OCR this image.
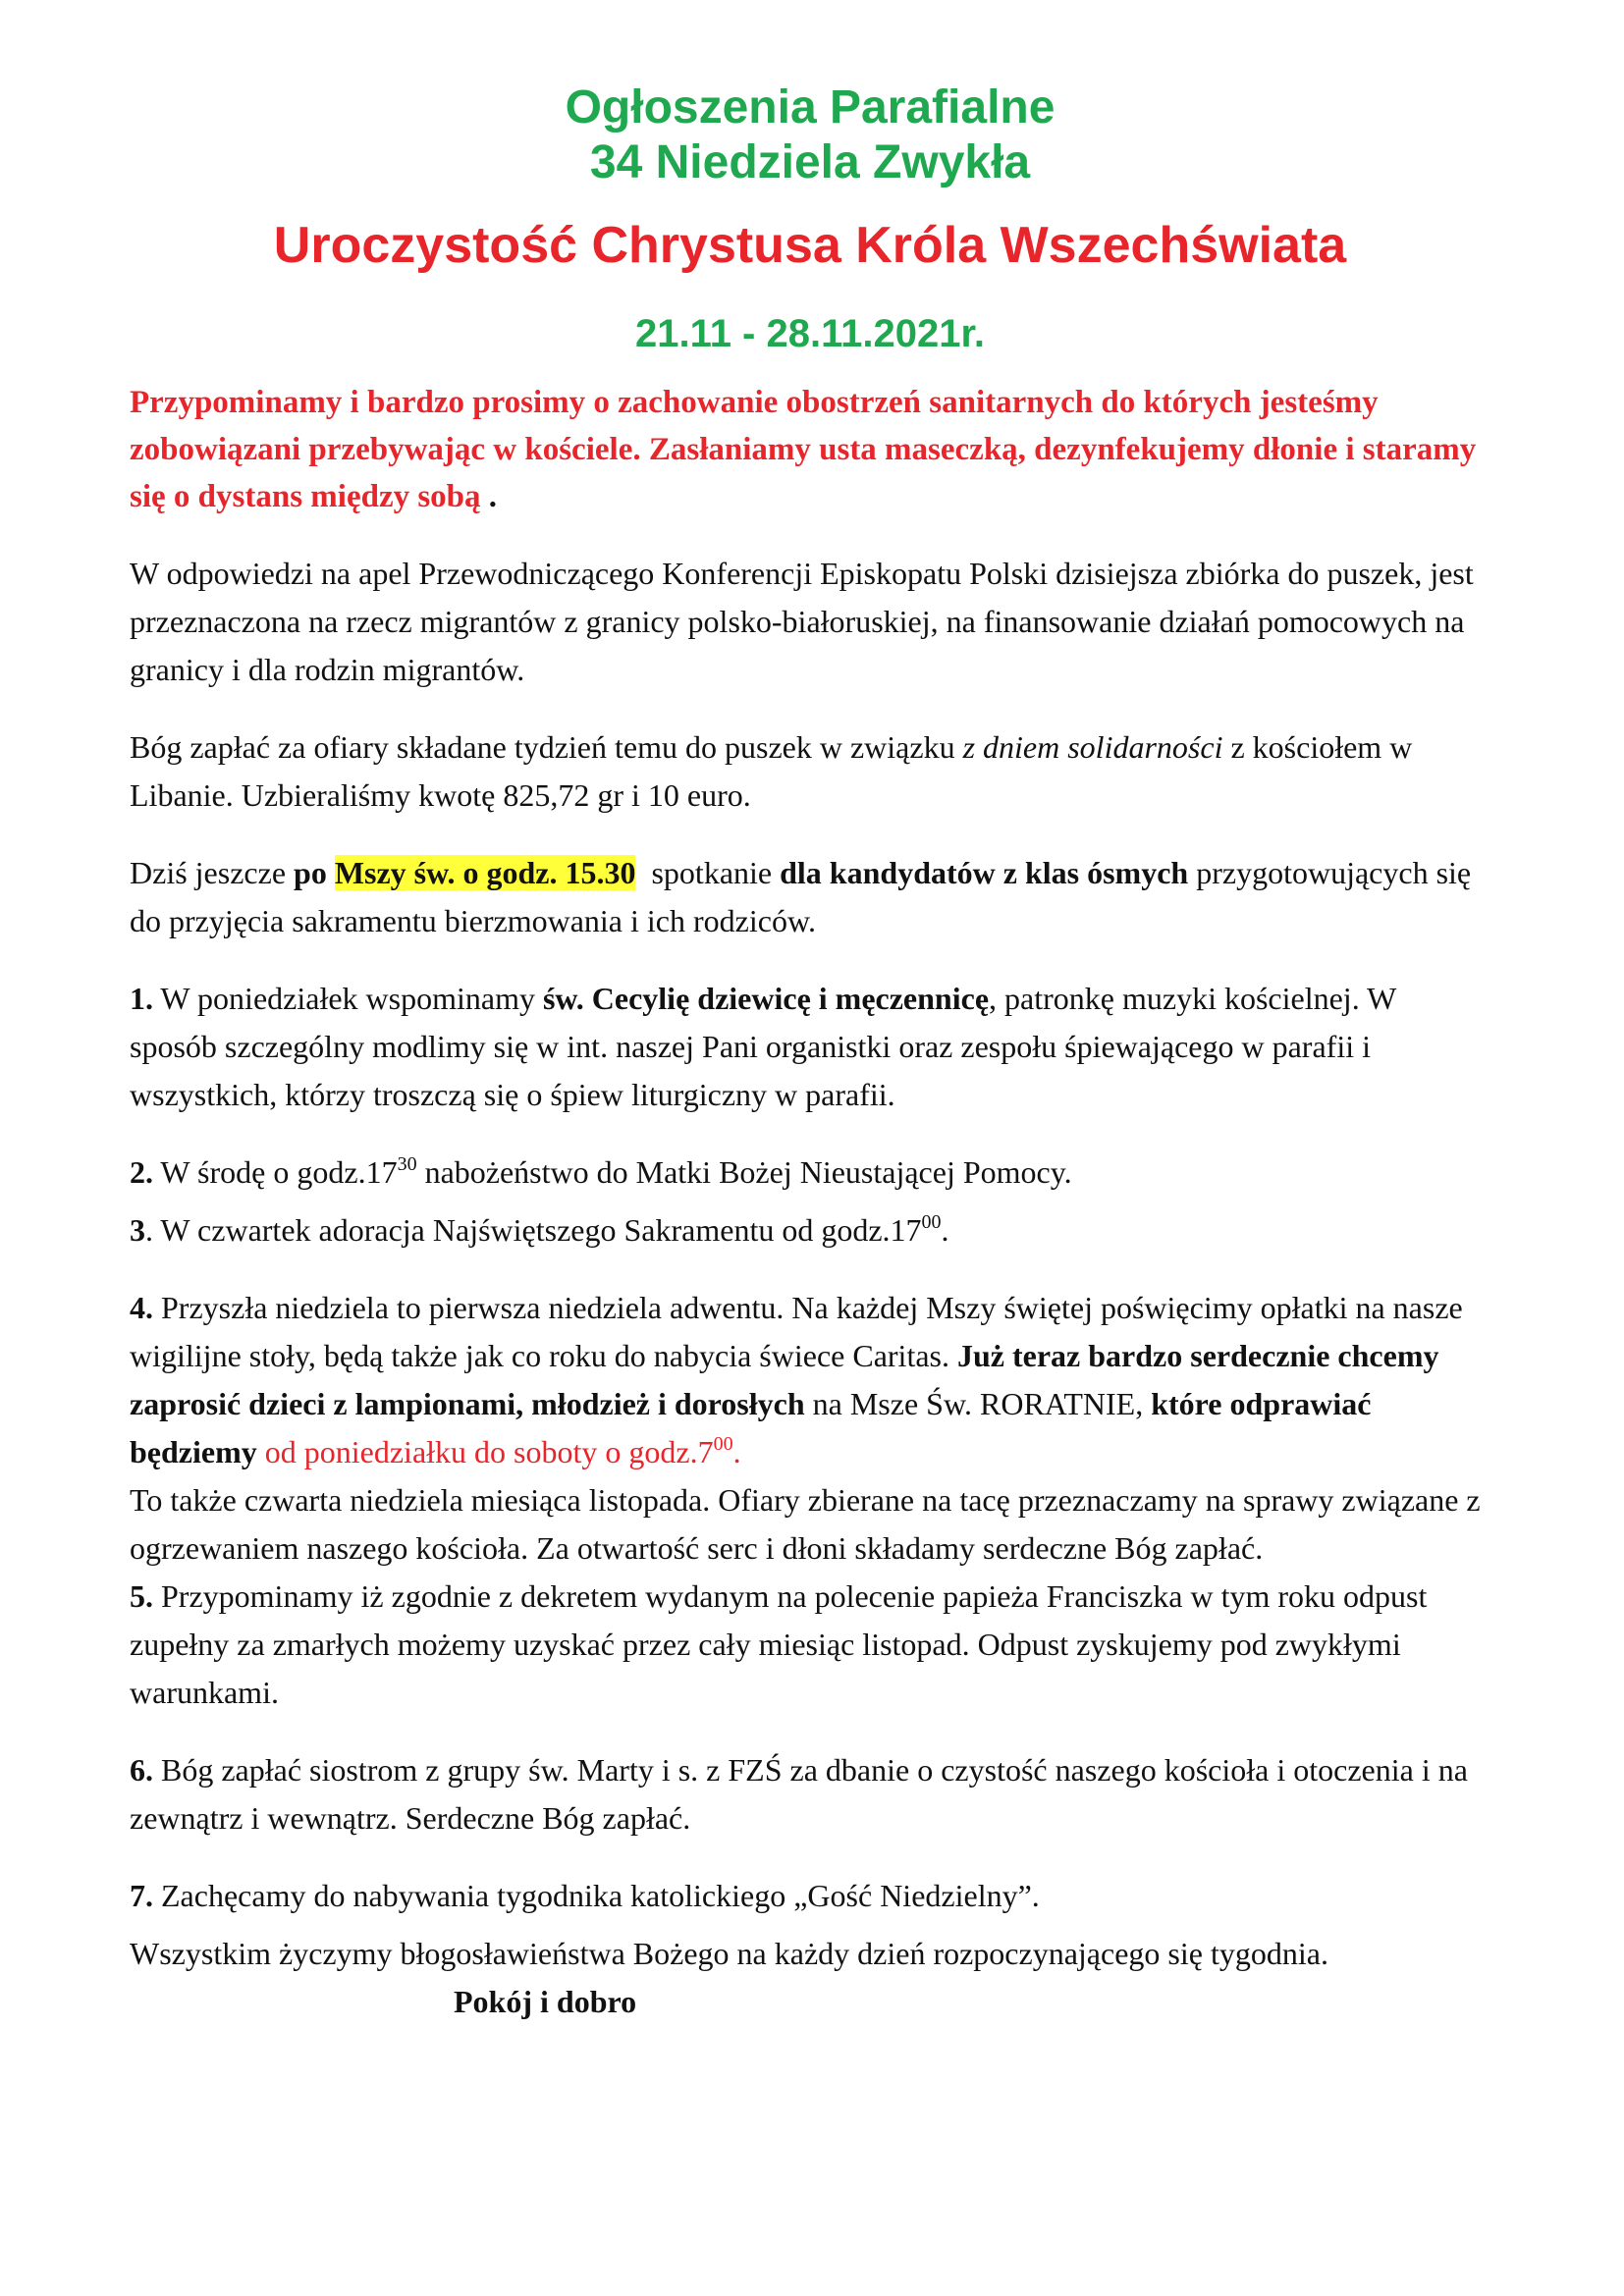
Ogłoszenia Parafialne

34 Niedziela Zwykła

Uroczystość Chrystusa Króla Wszechświata

21.11 - 28.11.2021r.

Przypominamy i bardzo prosimy o zachowanie obostrzeń sanitarnych do których jesteśmy zobowiązani przebywając w kościele. Zasłaniamy usta maseczką, dezynfekujemy dłonie i staramy się o dystans między sobą .

W odpowiedzi na apel Przewodniczącego Konferencji Episkopatu Polski dzisiejsza zbiórka do puszek, jest przeznaczona na rzecz migrantów z granicy polsko-białoruskiej, na finansowanie działań pomocowych na granicy i dla rodzin migrantów.

Bóg zapłać za ofiary składane tydzień temu do puszek w związku z dniem solidarności z kościołem w Libanie. Uzbieraliśmy kwotę 825,72 gr i 10 euro.

Dziś jeszcze po Mszy św. o godz. 15.30  spotkanie dla kandydatów z klas ósmych przygotowujących się do przyjęcia sakramentu bierzmowania i ich rodziców.

1. W poniedziałek wspominamy św. Cecylię dziewicę i męczennicę, patronkę muzyki kościelnej. W sposób szczególny modlimy się w int. naszej Pani organistki oraz zespołu śpiewającego w parafii i wszystkich, którzy troszczą się o śpiew liturgiczny w parafii.

2. W środę o $godz.17^{30}$ nabożeństwo do Matki Bożej Nieustającej Pomocy.

3. W czwartek adoracja Najświętszego Sakramentu od $godz.17^{00}$.

4. Przyszła niedziela to pierwsza niedziela adwentu. Na każdej Mszy świętej poświęcimy opłatki na nasze wigilijne stoły, będą także jak co roku do nabycia świece Caritas. Już teraz bardzo serdecznie chcemy zaprosić dzieci z lampionami, młodzież i dorosłych na Msze Św. RORATNIE, które odprawiać będziemy od poniedziałku do soboty o $godz.7^{00}$.

To także czwarta niedziela miesiąca listopada. Ofiary zbierane na tacę przeznaczamy na sprawy związane z ogrzewaniem naszego kościoła. Za otwartość serc i dłoni składamy serdeczne Bóg zapłać.

5. Przypominamy iż zgodnie z dekretem wydanym na polecenie papieża Franciszka w tym roku odpust zupełny za zmarłych możemy uzyskać przez cały miesiąc listopad. Odpust zyskujemy pod zwykłymi warunkami.

6. Bóg zapłać siostrom z grupy św. Marty i s. z FZŚ za dbanie o czystość naszego kościoła i otoczenia i na zewnątrz i wewnątrz. Serdeczne Bóg zapłać.

7. Zachęcamy do nabywania tygodnika katolickiego „Gość Niedzielny”.

Wszystkim życzymy błogosławieństwa Bożego na każdy dzień rozpoczynającego się tygodnia.Pokój i dobro
